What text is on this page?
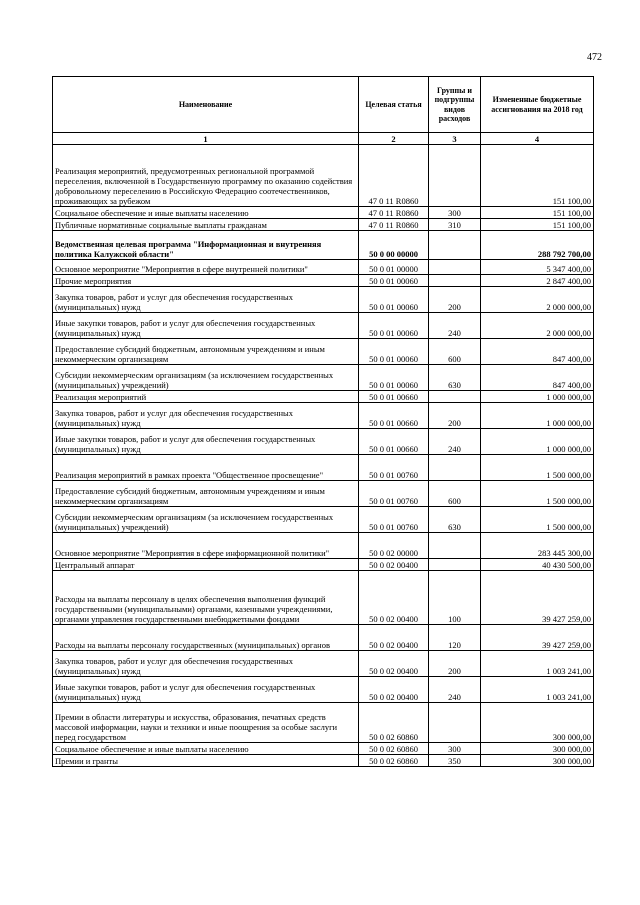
472
Наименование	Целевая статья	Группы и подгруппы видов расходов	Измененные бюджетные ассигнования на 2018 год
1	2	3	4
Реализация мероприятий, предусмотренных региональной программой переселения, включенной в Государственную программу по оказанию содействия добровольному переселению в Российскую Федерацию соотечественников, проживающих за рубежом	47 0 11 R0860		151 100,00
Социальное обеспечение и иные выплаты населению	47 0 11 R0860	300	151 100,00
Публичные нормативные социальные выплаты гражданам	47 0 11 R0860	310	151 100,00
Ведомственная целевая программа "Информационная и внутренняя политика Калужской области"	50 0 00 00000		288 792 700,00
Основное мероприятие "Мероприятия в сфере внутренней политики"	50 0 01 00000		5 347 400,00
Прочие мероприятия	50 0 01 00060		2 847 400,00
Закупка товаров, работ и услуг для обеспечения государственных (муниципальных) нужд	50 0 01 00060	200	2 000 000,00
Иные закупки товаров, работ и услуг для обеспечения государственных (муниципальных) нужд	50 0 01 00060	240	2 000 000,00
Предоставление субсидий бюджетным, автономным учреждениям и иным некоммерческим организациям	50 0 01 00060	600	847 400,00
Субсидии некоммерческим организациям (за исключением государственных (муниципальных) учреждений)	50 0 01 00060	630	847 400,00
Реализация мероприятий	50 0 01 00660		1 000 000,00
Закупка товаров, работ и услуг для обеспечения государственных (муниципальных) нужд	50 0 01 00660	200	1 000 000,00
Иные закупки товаров, работ и услуг для обеспечения государственных (муниципальных) нужд	50 0 01 00660	240	1 000 000,00
Реализация мероприятий в рамках проекта "Общественное просвещение"	50 0 01 00760		1 500 000,00
Предоставление субсидий бюджетным, автономным учреждениям и иным некоммерческим организациям	50 0 01 00760	600	1 500 000,00
Субсидии некоммерческим организациям (за исключением государственных (муниципальных) учреждений)	50 0 01 00760	630	1 500 000,00
Основное мероприятие "Мероприятия в сфере информационной политики"	50 0 02 00000		283 445 300,00
Центральный аппарат	50 0 02 00400		40 430 500,00
Расходы на выплаты персоналу в целях обеспечения выполнения функций государственными (муниципальными) органами, казенными учреждениями, органами управления государственными внебюджетными фондами	50 0 02 00400	100	39 427 259,00
Расходы на выплаты персоналу государственных (муниципальных) органов	50 0 02 00400	120	39 427 259,00
Закупка товаров, работ и услуг для обеспечения государственных (муниципальных) нужд	50 0 02 00400	200	1 003 241,00
Иные закупки товаров, работ и услуг для обеспечения государственных (муниципальных) нужд	50 0 02 00400	240	1 003 241,00
Премии в области литературы и искусства, образования, печатных средств массовой информации, науки и техники и иные поощрения за особые заслуги перед государством	50 0 02 60860		300 000,00
Социальное обеспечение и иные выплаты населению	50 0 02 60860	300	300 000,00
Премии и гранты	50 0 02 60860	350	300 000,00
